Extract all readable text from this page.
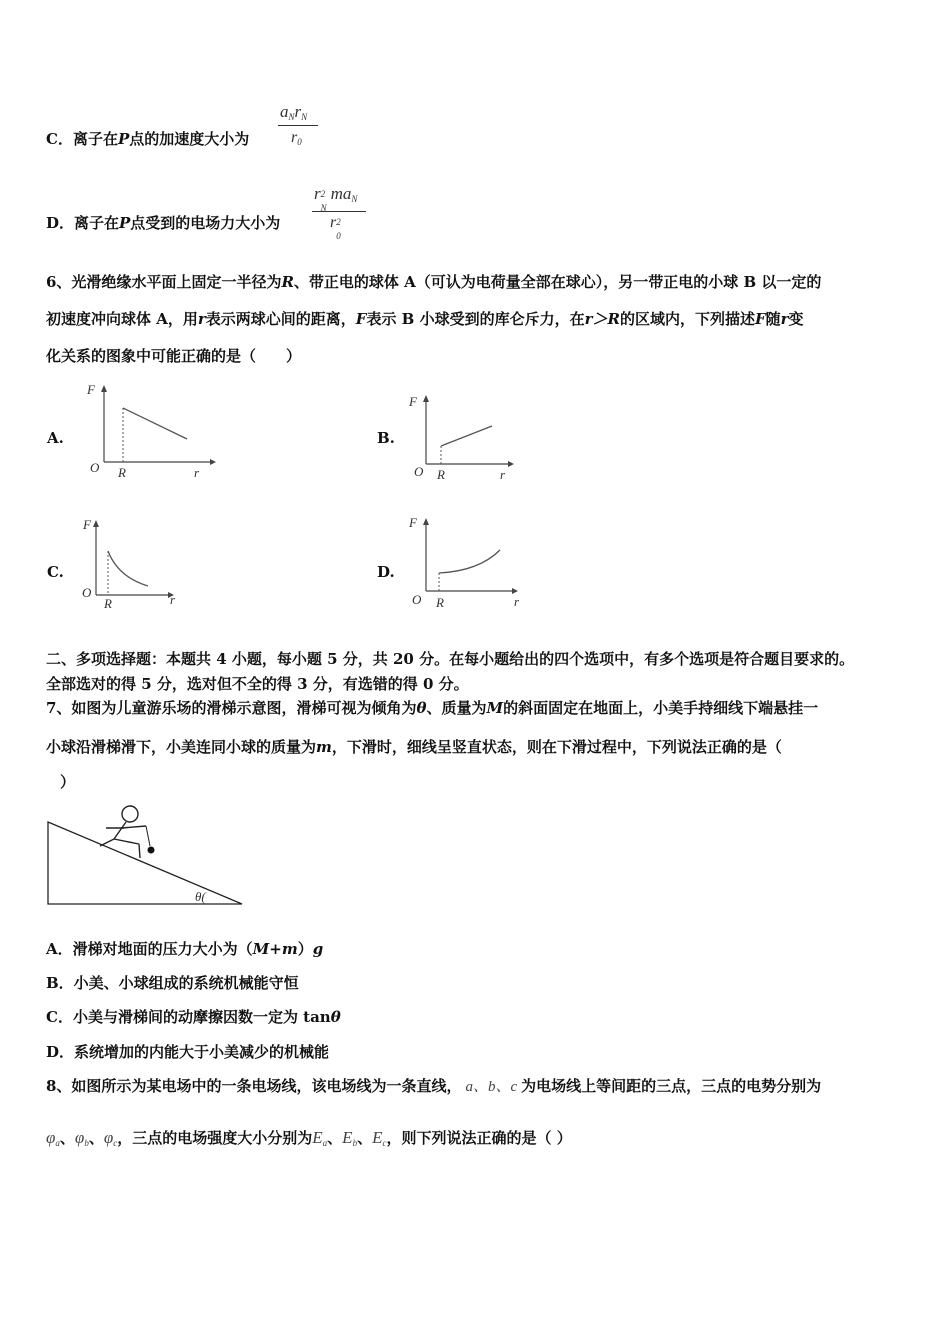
C．离子在P点的加速度大小为
$a_Nr_N$
$r_0$
D．离子在P点受到的电场力大小为
r 2
N
$ma_N$
r 2
0
6、光滑绝缘水平面上固定一半径为R、带正电的球体 A（可认为电荷量全部在球心），另一带正电的小球 B 以一定的
初速度冲向球体 A，用r表示两球心间的距离，F表示 B 小球受到的库仑斥力，在r＞R的区域内，下列描述F随r变
化关系的图象中可能正确的是（　　）
A.	B.
C.	D.
F
O R	r
F
O R	r
F
O
R	r
F
O R	r
二、多项选择题：本题共 4 小题，每小题 5 分，共 20 分。在每小题给出的四个选项中，有多个选项是符合题目要求的。
全部选对的得 5 分，选对但不全的得 3 分，有选错的得 0 分。
7、如图为儿童游乐场的滑梯示意图，滑梯可视为倾角为θ、质量为M的斜面固定在地面上，小美手持细线下端悬挂一
小球沿滑梯滑下，小美连同小球的质量为m，下滑时，细线呈竖直状态，则在下滑过程中，下列说法正确的是（
）
θ(
A．滑梯对地面的压力大小为（M+m）g
B．小美、小球组成的系统机械能守恒
C．小美与滑梯间的动摩擦因数一定为 tanθ
D．系统增加的内能大于小美减少的机械能
8、如图所示为某电场中的一条电场线，该电场线为一条直线， a、b、c 为电场线上等间距的三点，三点的电势分别为
$\varphi_a$、$\varphi_b$、$\varphi_c$，三点的电场强度大小分别为$E_a$、$E_b$、$E_c$，则下列说法正确的是（ ）
